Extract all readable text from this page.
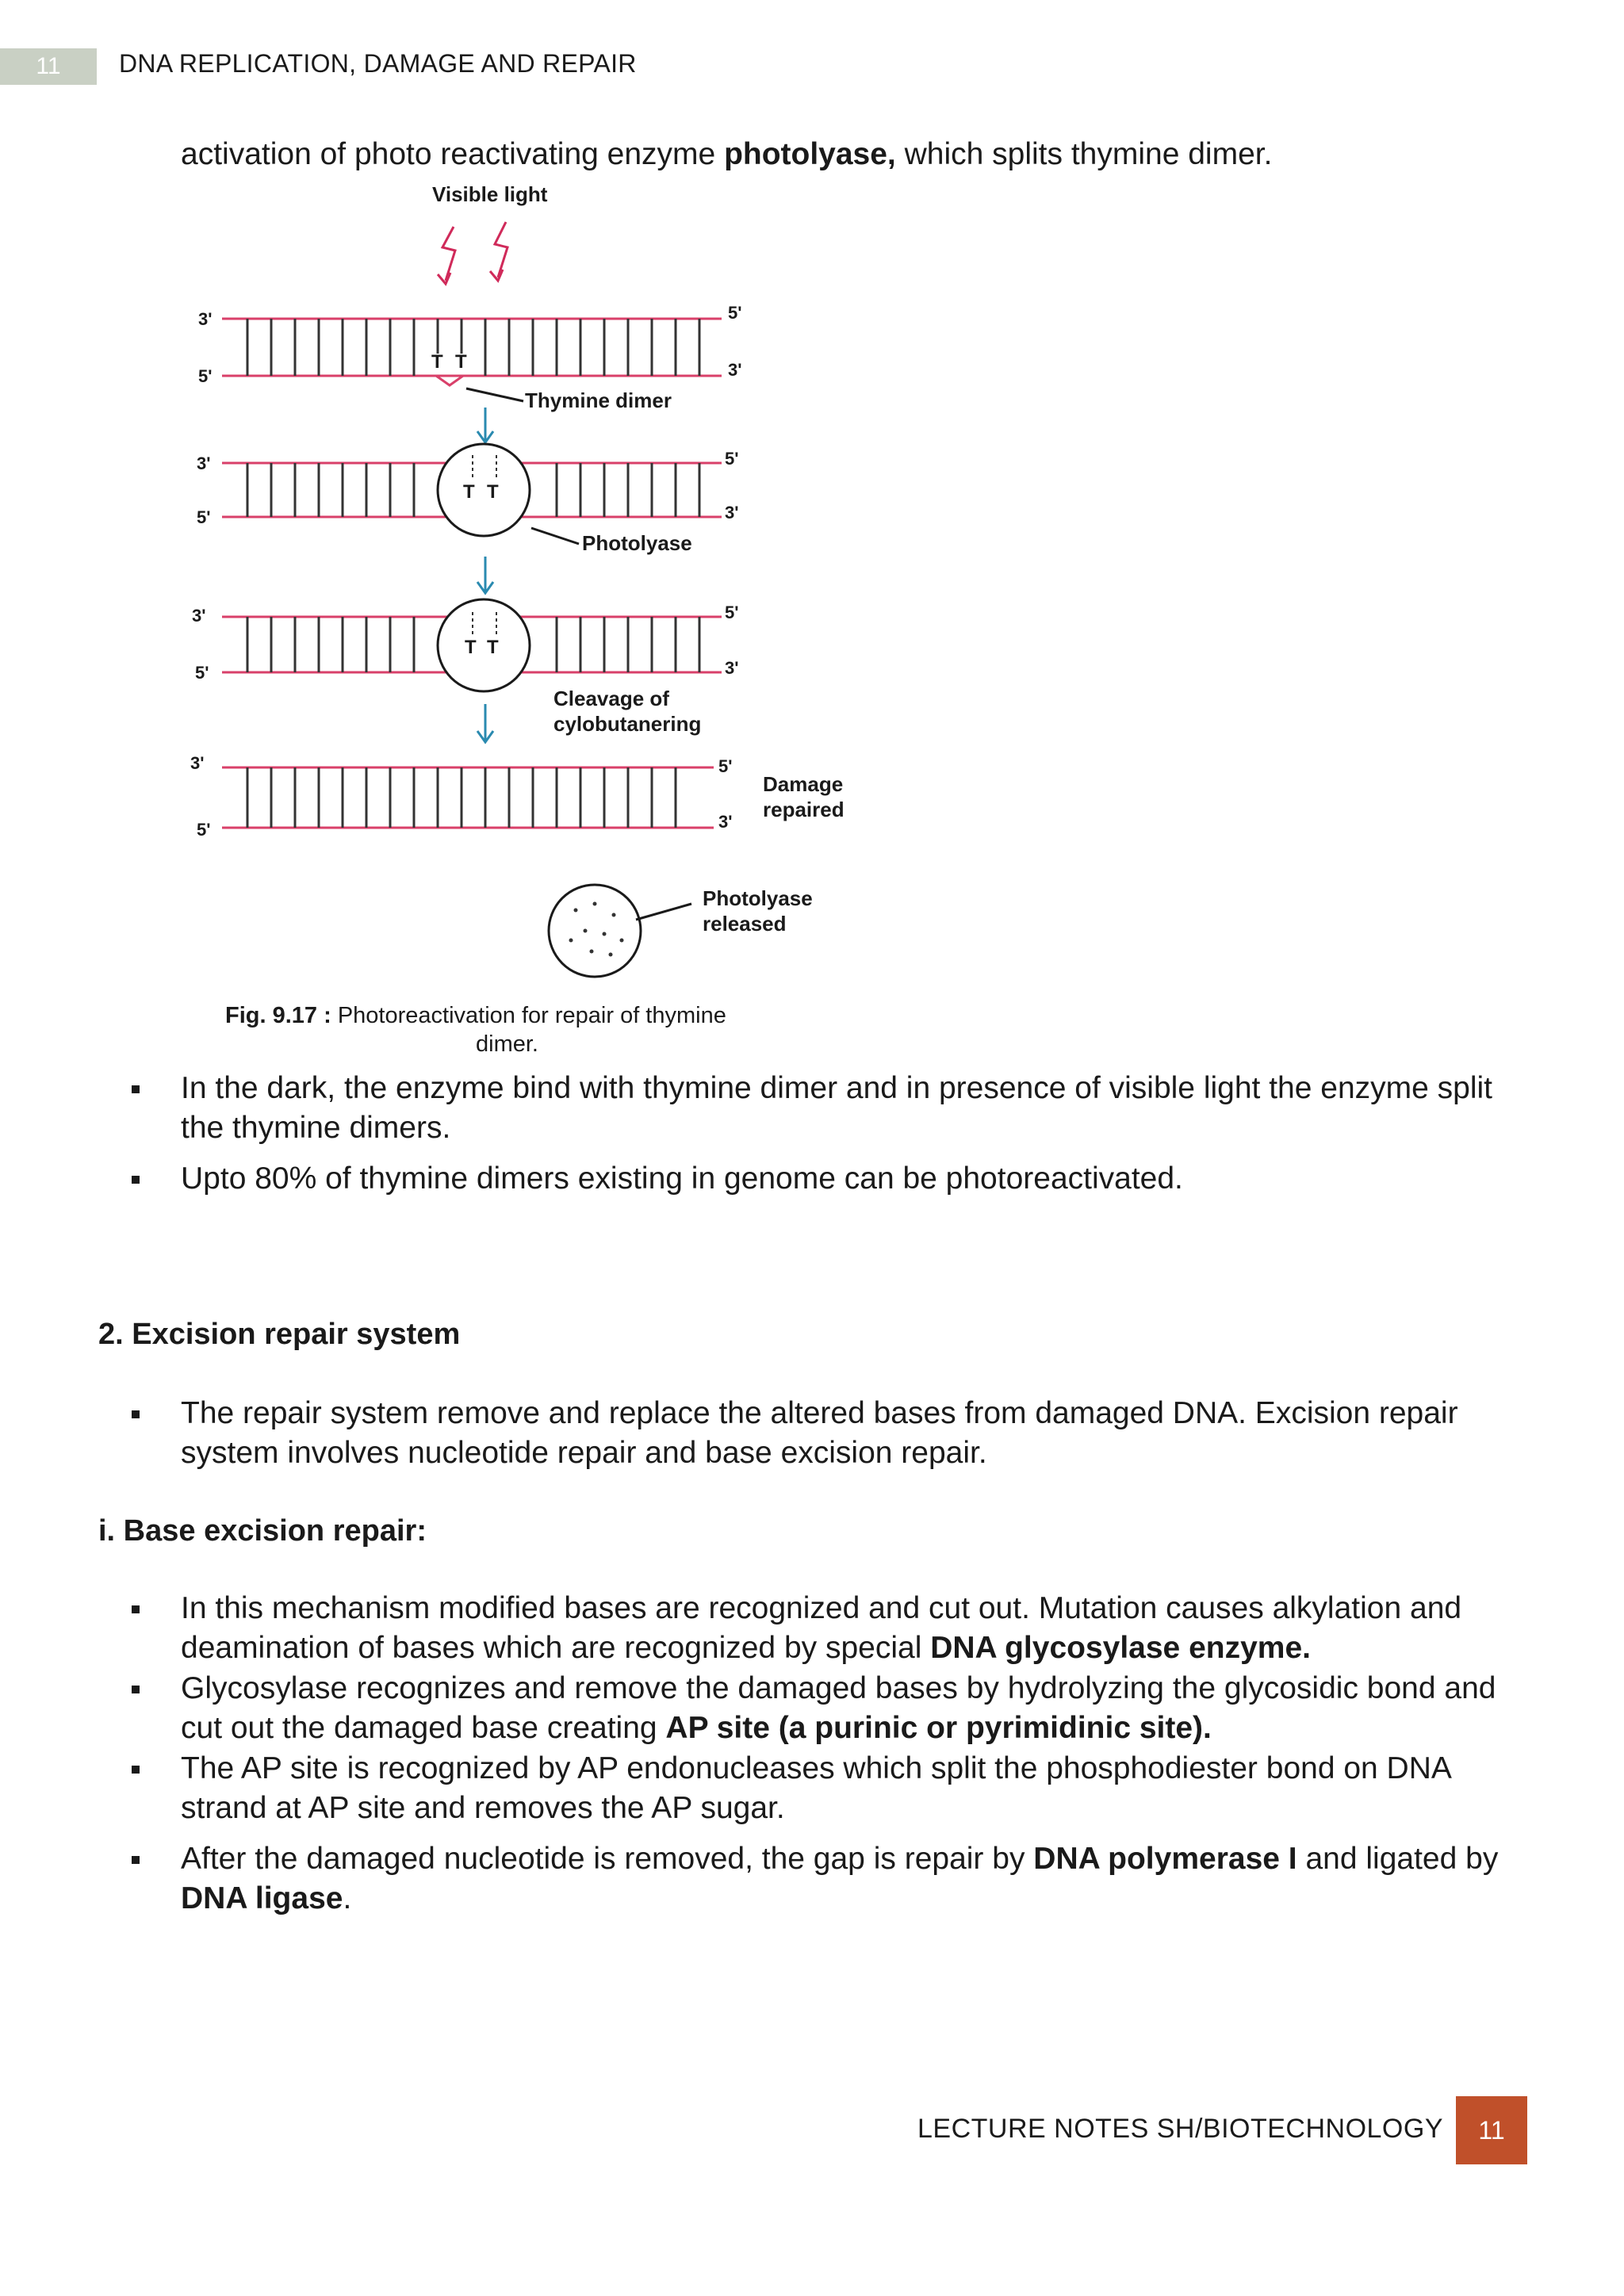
11	DNA REPLICATION, DAMAGE AND REPAIR
activation of photo reactivating enzyme photolyase, which splits thymine dimer.
Visible light
T T
3'
5'
5'
3'
Thymine dimer
T T
3'
5'
5'
3'
Photolyase
T T
3'
5'
5'
3'
Cleavage of
cylobutanering
3'
5'
5'
3'
Damage
repaired
Photolyase
released
Fig. 9.17 : Photoreactivation for repair of thymine
dimer.
In the dark, the enzyme bind with thymine dimer and in presence of visible light the enzyme split the thymine dimers.
Upto 80% of thymine dimers existing in genome can be photoreactivated.
2. Excision repair system
The repair system remove and replace the altered bases from damaged DNA. Excision repair system involves nucleotide repair and base excision repair.
i. Base excision repair:
In this mechanism modified bases are recognized and cut out. Mutation causes alkylation and deamination of bases which are recognized by special DNA glycosylase enzyme.
Glycosylase recognizes and remove the damaged bases by hydrolyzing the glycosidic bond and cut out the damaged base creating AP site (a purinic or pyrimidinic site).
The AP site is recognized by AP endonucleases which split the phosphodiester bond on DNA strand at AP site and removes the AP sugar.
After the damaged nucleotide is removed, the gap is repair by DNA polymerase I and ligated by DNA ligase.
LECTURE NOTES SH/BIOTECHNOLOGY	11
